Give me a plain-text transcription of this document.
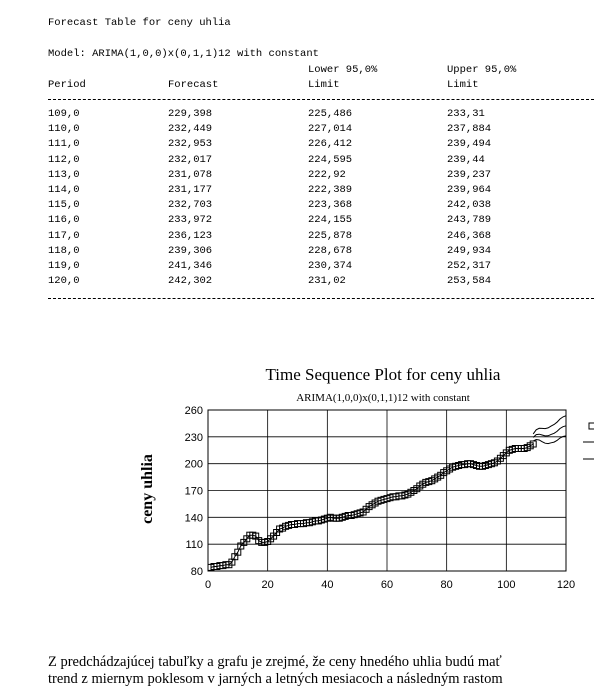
Forecast Table for ceny uhlia
Model: ARIMA(1,0,0)x(0,1,1)12 with constant
Lower 95,0%	Upper 95,0%
Period	Forecast	Limit	Limit
109,0	229,398	225,486	233,31
110,0	232,449	227,014	237,884
111,0	232,953	226,412	239,494
112,0	232,017	224,595	239,44
113,0	231,078	222,92	239,237
114,0	231,177	222,389	239,964
115,0	232,703	223,368	242,038
116,0	233,972	224,155	243,789
117,0	236,123	225,878	246,368
118,0	239,306	228,678	249,934
119,0	241,346	230,374	252,317
120,0	242,302	231,02	253,584
Time Sequence Plot for ceny uhlia
ARIMA(1,0,0)x(0,1,1)12 with constant
ceny uhlia
0	20	40	60	80	100	120
80
110
140
170
200
230
260
Z predchádzajúcej tabuľky a grafu je zrejmé, že ceny hnedého uhlia budú mať
trend z miernym poklesom v jarných a letných mesiacoch a následným rastom
